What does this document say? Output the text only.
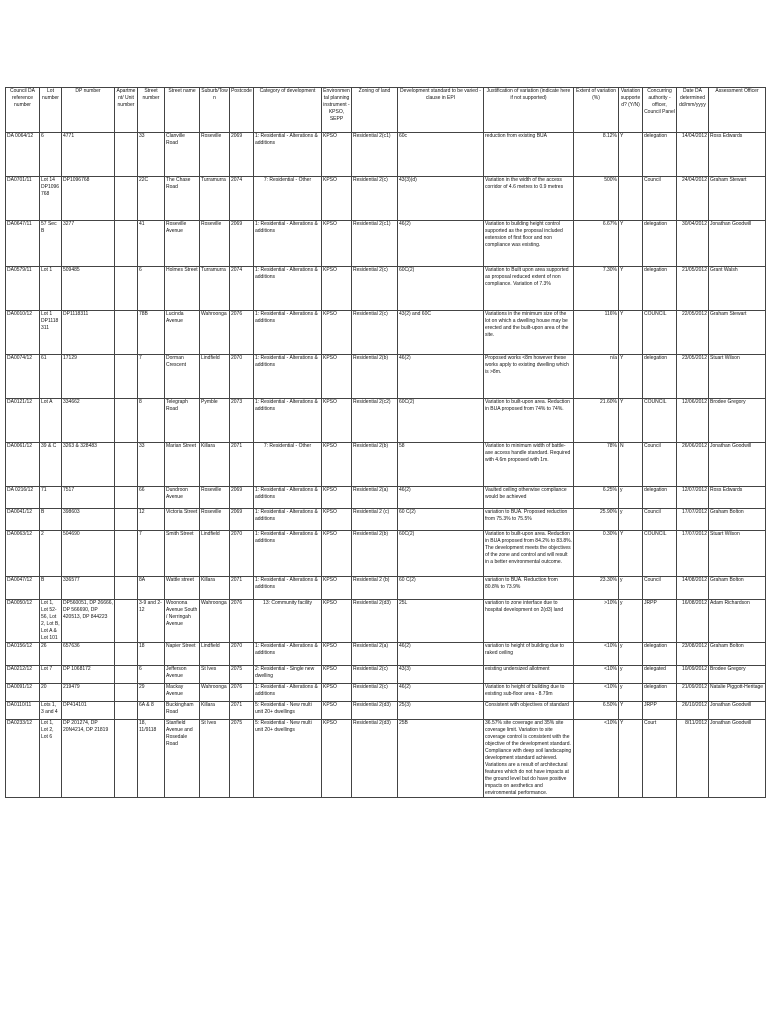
Council DA reference number	Lot number	DP number	Apartment/ Unit number	Street number	Street name	Suburb/Town	Postcode	Category of development	Environmental planning instrument - KPSO, SEPP	Zoning of land	Development standard to be varied - clause in EPI	Justification of variation (indicate here if not supported)	Extent of variation (%)	Variation supported? (Y/N)	Concurring authority - officer, Council Panel	Date DA determined dd/mm/yyyy	Assessment Officer
DA 0064/12	6	4771		33	Clanville Road	Roseville	2069	1: Residential - Alterations & additions	KPSO	Residential 2(c1)	60c	reduction from existing BUA	8.12%	Y	delegation	14/04/2012	Ross Edwards
DA0701/11	Lot 14 DP1096768	DP1096768		22C	The Chase Road	Turramurra	2074	7: Residential - Other	KPSO	Residential 2(c)	43(3)(d)	Variation in the width of the access corridor of 4.6 metres to 0.9 metres	500%		Council	24/04/2012	Graham Stewart
DA0647/11	57 Sec B	3277		41	Roseville Avenue	Roseville	2069	1: Residential - Alterations & additions	KPSO	Residential 2(c1)	46(2)	Variation to building height control supported as the proposal included extension of first floor and non compliance was existing.	6.67%	Y	delegation	30/04/2012	Jonathan Goodwill
DA0579/11	Lot 1	509485		6	Holmes Street	Turramurra	2074	1: Residential - Alterations & additions	KPSO	Residential 2(c)	60C(2)	Variation to Built upon area supported as proposal reduced extent of non compliance. Variation of 7.3%	7.30%	Y	delegation	21/05/2012	Grant Walsh
DA0010/12	Lot 1 DP1118311	DP1118311		78B	Lucinda Avenue	Wahroonga	2076	1: Residential - Alterations & additions	KPSO	Residential 2(c)	43(2) and 60C	Variations in the minimum size of the lot on which a dwelling house may be erected and the built-upon area of the site.	116%	Y	COUNCIL	22/05/2012	Graham Stewart
DA0074/12	61	17129		7	Dorman Crescent	Lindfield	2070	1: Residential - Alterations & additions	KPSO	Residential 2(b)	46(2)	Proposed works <8m however these works apply to existing dwelling which is >8m.	n/a	Y	delegation	23/05/2012	Stuart Wilson
DA0121/12	Lot A	334662		8	Telegraph Road	Pymble	2073	1: Residential - Alterations & additions	KPSO	Residential 2(c2)	60C(2)	Variation to built-upon area. Reduction in BUA proposed from 74% to 74%.	21.60%	Y	COUNCIL	12/06/2012	Brodee Gregory
DA0061/12	39 & C	3263 & 328483		33	Marian Street	Killara	2071	7: Residential - Other	KPSO	Residential 2(b)	58	Variation to minimum width of battle-axe access handle standard. Required with 4.6m proposed with 1m.	78%	N	Council	26/06/2012	Jonathan Goodwill
DA 0216/12	71	7517		66	Dundroon Avenue	Roseville	2069	1: Residential - Alterations & additions	KPSO	Residential 2(a)	46(2)	Vaulted ceiling otherwise compliance would be achieved	6.25%	y	delegation	12/07/2012	Ross Edwards
DA0041/12	B	398603		12	Victoria Street	Roseville	2069	1: Residential - Alterations & additions	KPSO	Residential 2 (c)	60 C(2)	variation to BUA. Proposed reduction from 75.3% to 75.5%	25.90%	y	Council	17/07/2012	Graham Bolton
DA0063/12	2	504690		7	Smith Street	Lindfield	2070	1: Residential - Alterations & additions	KPSO	Residential 2(b)	60C(2)	Variation to built-upon area. Reduction in BUA proposed from 84.2% to 83.8%. The development meets the objectives of the zone and control and will result in a better environmental outcome.	0.30%	Y	COUNCIL	17/07/2012	Stuart Wilson
DA0047/12	B	336577		8A	Wattle street	Killara	2071	1: Residential - Alterations & additions	KPSO	Residential 2 (b)	60 C(2)	variation to BUA. Reduction from 80.8% to 73.9%	23.30%	y	Council	14/08/2012	Graham Bolton
DA0050/12	Lot 1, Lot 52-56, Lot 2, Lot B, Lot A & Lot 101	DP560051, DP 26666, DP 566690, DP 420513, DP 844223		3-9 and 2-12	Woonona Avenue South / Nerringah Avenue	Wahroonga	2076	13: Community facility	KPSO	Residential 2(d3)	25L	variation to zone interface due to hospital development on 2(d3) land	>10%	y	JRPP	16/08/2012	Adam Richardson
DA0156/12	26	657636		18	Napier Street	Lindfield	2070	1: Residential - Alterations & additions	KPSO	Residential 2(a)	46(2)	variation to height of building due to raked ceiling	<10%	y	delegation	23/08/2012	Graham Bolton
DA0212/12	Lot 7	DP 1068172		6	Jefferson Avenue	St Ives	2075	2: Residential - Single new dwelling	KPSO	Residential 2(c)	43(3)	existing undersized allotment	<10%	y	delegated	10/09/2012	Brodee Gregory
DA0091/12	20	219479		29	Mackay Avenue	Wahroonga	2076	1: Residential - Alterations & additions	KPSO	Residential 2(c)	46(2)	Variation to height of building due to existing sub-floor area - 8.79m	<10%	y	delegation	21/09/2012	Natalie Piggott-Heritage
DA0110/11	Lots 1, 3 and 4	DP414101		6A & 8	Buckingham Road	Killara	2071	5: Residential - New multi unit 20+ dwellings	KPSO	Residential 2(d3)	25(3)	Consistent with objectives of standard	6.50%	Y	JRPP	26/10/2012	Jonathan Goodwill
DA0233/12	Lot 1, Lot 2, Lot 6	DP 201274, DP 20N4214, DP 21819		18, 11/9118	Stanfield Avenue and Rosedale Road	St Ives	2075	5: Residential - New multi unit 20+ dwellings	KPSO	Residential 2(d3)	25B	36.57% site coverage and 35% site coverage limit. Variation to site coverage control is consistent with the objective of the development standard. Compliance with deep soil landscaping development standard achieved. Variations are a result of architectural features which do not have impacts at the ground level but do have positive impacts on aesthetics and environmental performance.	<10%	Y	Court	8/11/2012	Jonathan Goodwill
